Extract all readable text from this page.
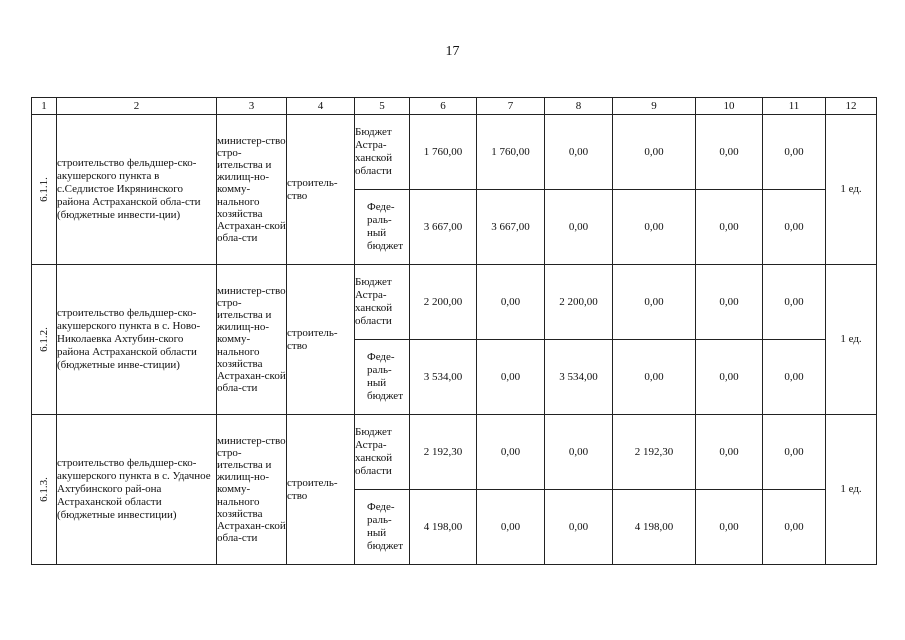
17
1	2	3	4	5	6	7	8	9	10	11	12
6.1.1.	строительство фельдшер-ско-акушерского пункта в с.Седлистое Икрянинского района Астраханской обла-сти (бюджетные инвести-ции)	министер-ство стро-ительства и жилищ-но-комму-нального хозяйства Астрахан-ской обла-сти	строитель-ство	Бюджет Астра-ханской области	1 760,00	1 760,00	0,00	0,00	0,00	0,00	1 ед.
				Феде-раль-ный бюджет	3 667,00	3 667,00	0,00	0,00	0,00	0,00	
6.1.2.	строительство фельдшер-ско-акушерского пункта в с. Ново-Николаевка Ахтубин-ского района Астраханской области (бюджетные инве-стиции)	министер-ство стро-ительства и жилищ-но-комму-нального хозяйства Астрахан-ской обла-сти	строитель-ство	Бюджет Астра-ханской области	2 200,00	0,00	2 200,00	0,00	0,00	0,00	1 ед.
				Феде-раль-ный бюджет	3 534,00	0,00	3 534,00	0,00	0,00	0,00	
6.1.3.	строительство фельдшер-ско-акушерского пункта в с. Удачное Ахтубинского рай-она Астраханской области (бюджетные инвестиции)	министер-ство стро-ительства и жилищ-но-комму-нального хозяйства Астрахан-ской обла-сти	строитель-ство	Бюджет Астра-ханской области	2 192,30	0,00	0,00	2 192,30	0,00	0,00	1 ед.
				Феде-раль-ный бюджет	4 198,00	0,00	0,00	4 198,00	0,00	0,00	
